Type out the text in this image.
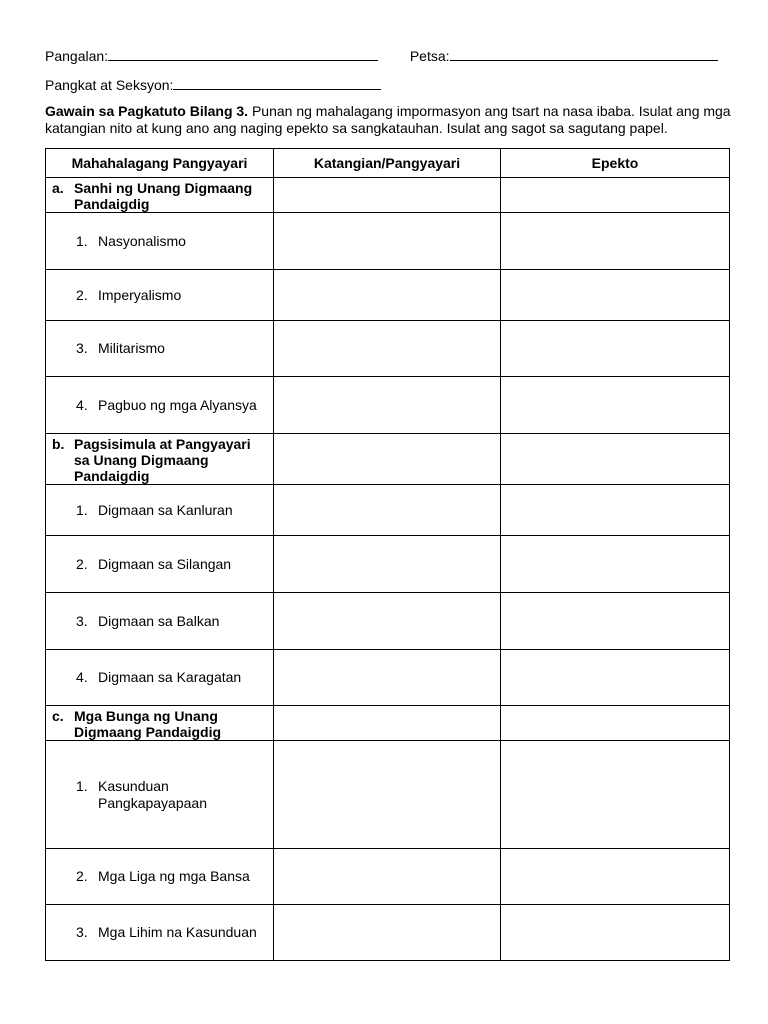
Pangalan:	Petsa:
Pangkat at Seksyon:
Gawain sa Pagkatuto Bilang 3. Punan ng mahalagang impormasyon ang tsart na nasa ibaba. Isulat ang mga katangian nito at kung ano ang naging epekto sa sangkatauhan. Isulat ang sagot sa sagutang papel.
Mahahalagang Pangyayari	Katangian/Pangyayari	Epekto
a. Sanhi ng Unang Digmaang Pandaigdig		
1. Nasyonalismo		
2. Imperyalismo		
3. Militarismo		
4. Pagbuo ng mga Alyansya		
b. Pagsisimula at Pangyayari sa Unang Digmaang Pandaigdig		
1. Digmaan sa Kanluran		
2. Digmaan sa Silangan		
3. Digmaan sa Balkan		
4. Digmaan sa Karagatan		
c. Mga Bunga ng Unang Digmaang Pandaigdig		
1. Kasunduan Pangkapayapaan		
2. Mga Liga ng mga Bansa		
3. Mga Lihim na Kasunduan		
